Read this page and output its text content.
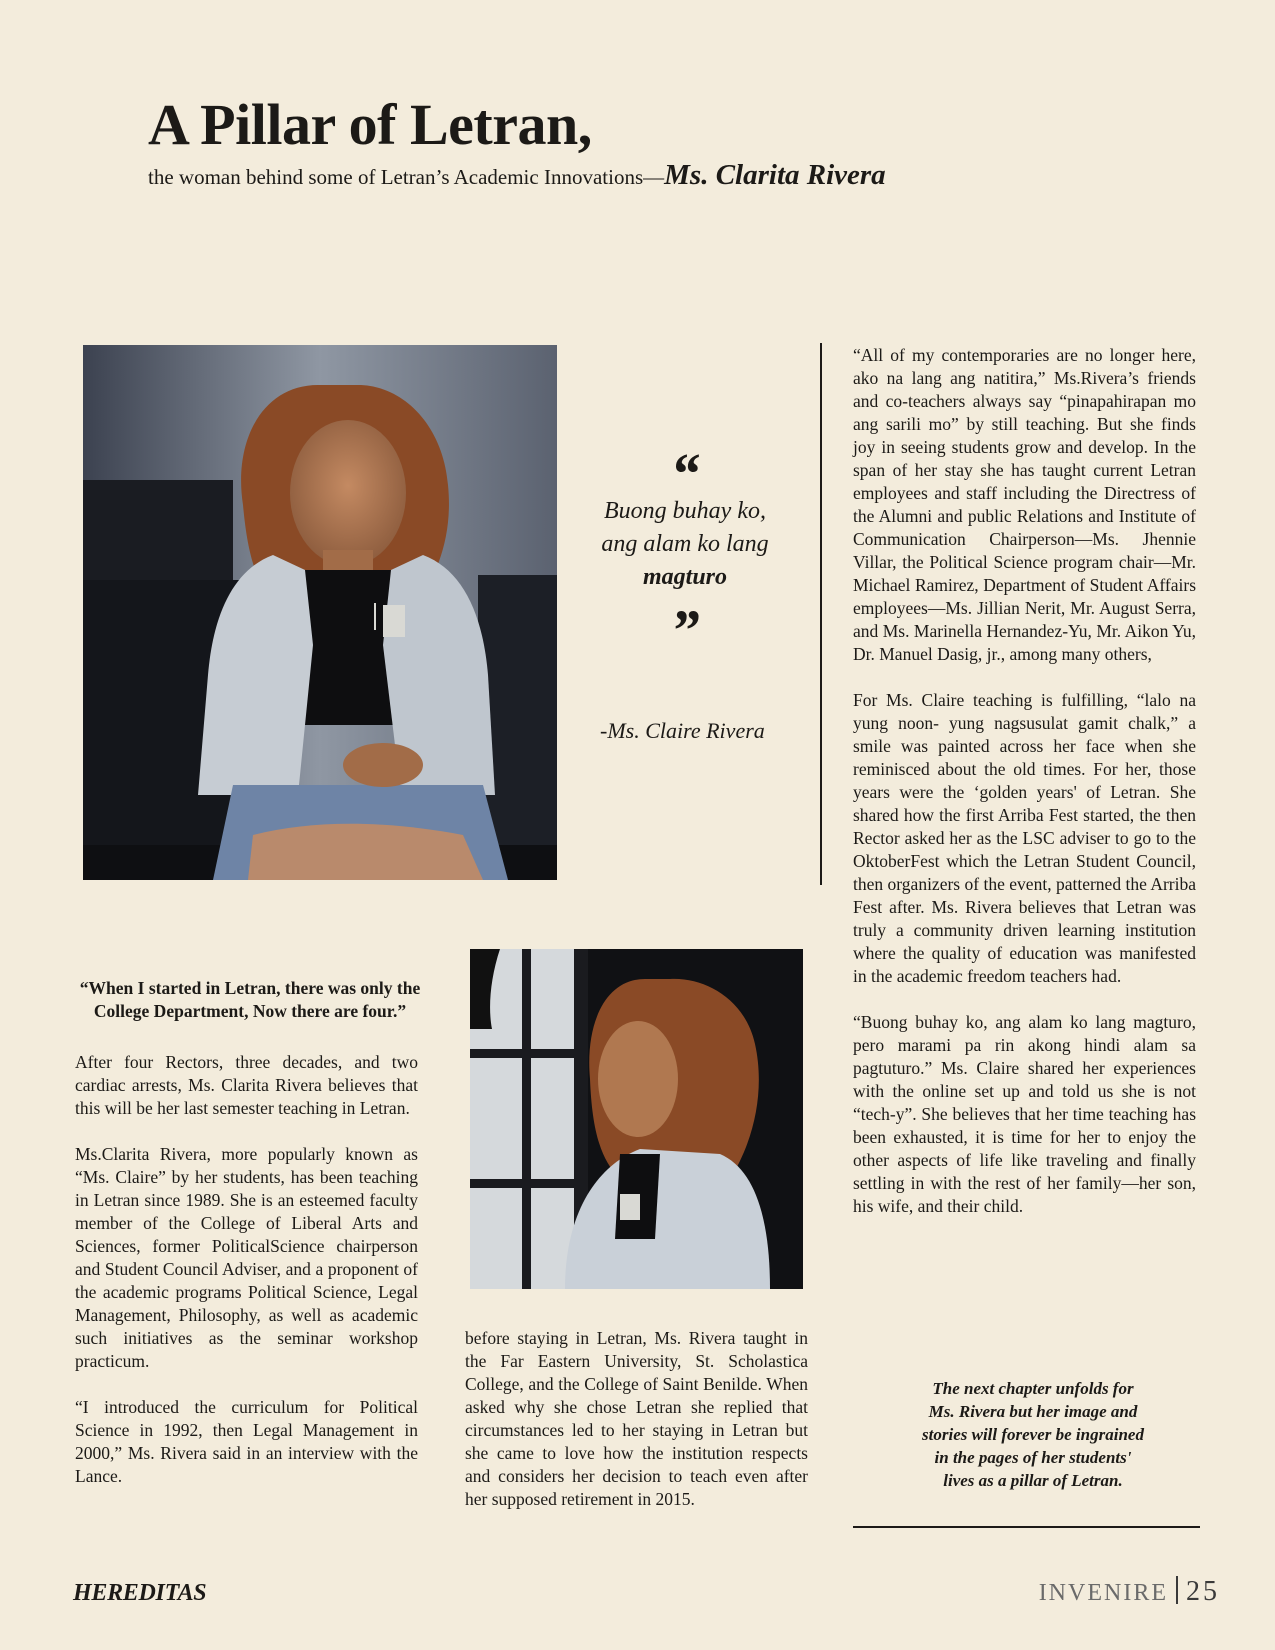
A Pillar of Letran,
the woman behind some of Letran’s Academic Innovations—Ms. Clarita Rivera
“
Buong buhay ko,
ang alam ko lang
magturo
”
-Ms. Claire Rivera

“All of my contemporaries are no longer here, ako na lang ang natitira,” Ms.Rivera’s friends and co-teachers always say “pinapahirapan mo ang sarili mo” by still teaching. But she finds joy in seeing students grow and develop. In the span of her stay she has taught current Letran employees and staff including the Directress of the Alumni and public Relations and Institute of Communication Chairperson—Ms. Jhennie Villar, the Political Science program chair—Mr. Michael Ramirez, Department of Student Affairs employees—Ms. Jillian Nerit, Mr. August Serra, and Ms. Marinella Hernandez-Yu, Mr. Aikon Yu, Dr. Manuel Dasig, jr., among many others,

For Ms. Claire teaching is fulfilling, “lalo na yung noon- yung nagsusulat gamit chalk,” a smile was painted across her face when she reminisced about the old times. For her, those years were the ‘golden years' of Letran. She shared how the first Arriba Fest started, the then Rector asked her as the LSC adviser to go to the OktoberFest which the Letran Student Council, then organizers of the event, patterned the Arriba Fest after. Ms. Rivera believes that Letran was truly a community driven learning institution where the quality of education was manifested in the academic freedom teachers had.

“Buong buhay ko, ang alam ko lang magturo, pero marami pa rin akong hindi alam sa pagtuturo.” Ms. Claire shared her experiences with the online set up and told us she is not “tech-y”. She believes that her time teaching has been exhausted, it is time for her to enjoy the other aspects of life like traveling and finally settling in with the rest of her family—her son, his wife, and their child.

“When I started in Letran, there was only the College Department, Now there are four.”

After four Rectors, three decades, and two cardiac arrests, Ms. Clarita Rivera believes that this will be her last semester teaching in Letran.

Ms.Clarita Rivera, more popularly known as “Ms. Claire” by her students, has been teaching in Letran since 1989. She is an esteemed faculty member of the College of Liberal Arts and Sciences, former PoliticalScience chairperson and Student Council Adviser, and a proponent of the academic programs Political Science, Legal Management, Philosophy, as well as academic such initiatives as the seminar workshop practicum.

“I introduced the curriculum for Political Science in 1992, then Legal Management in 2000,” Ms. Rivera said in an interview with the Lance.

before staying in Letran, Ms. Rivera taught in the Far Eastern University, St. Scholastica College, and the College of Saint Benilde. When asked why she chose Letran she replied that circumstances led to her staying in Letran but she came to love how the institution respects and considers her decision to teach even after her supposed retirement in 2015.

The next chapter unfolds for
Ms. Rivera but her image and
stories will forever be ingrained
in the pages of her students'
lives as a pillar of Letran.
HEREDITAS	INVENIRE 25
